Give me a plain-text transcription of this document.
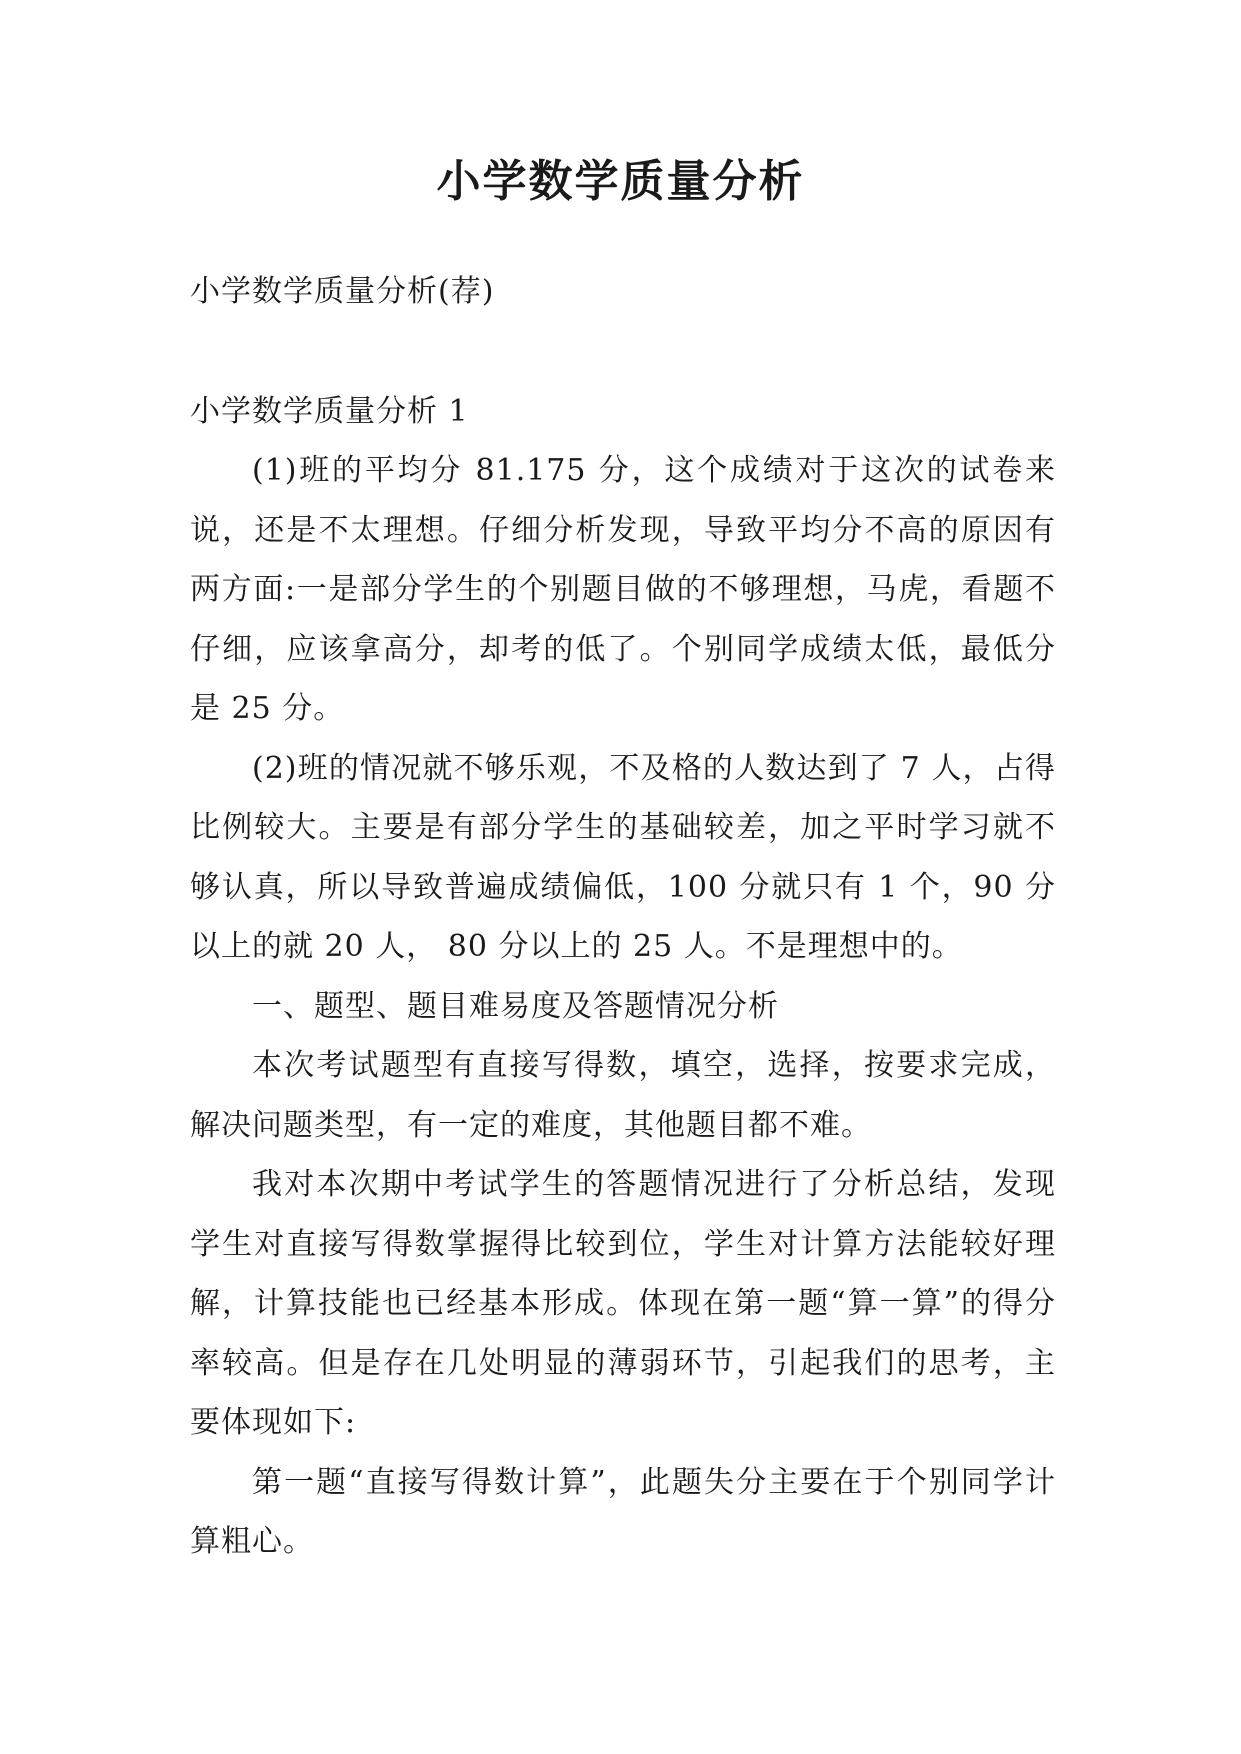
小学数学质量分析

小学数学质量分析(荐)

小学数学质量分析 1

(1)班的平均分 81.175 分，这个成绩对于这次的试卷来说，还是不太理想。仔细分析发现，导致平均分不高的原因有两方面:一是部分学生的个别题目做的不够理想，马虎，看题不仔细，应该拿高分，却考的低了。个别同学成绩太低，最低分是 25 分。

(2)班的情况就不够乐观，不及格的人数达到了 7 人，占得比例较大。主要是有部分学生的基础较差，加之平时学习就不够认真，所以导致普遍成绩偏低，100 分就只有 1 个，90 分以上的就 20 人， 80 分以上的 25 人。不是理想中的。

一、题型、题目难易度及答题情况分析

本次考试题型有直接写得数，填空，选择，按要求完成，解决问题类型，有一定的难度，其他题目都不难。

我对本次期中考试学生的答题情况进行了分析总结，发现学生对直接写得数掌握得比较到位，学生对计算方法能较好理解，计算技能也已经基本形成。体现在第一题“算一算”的得分率较高。但是存在几处明显的薄弱环节，引起我们的思考，主要体现如下:

第一题“直接写得数计算”，此题失分主要在于个别同学计算粗心。
